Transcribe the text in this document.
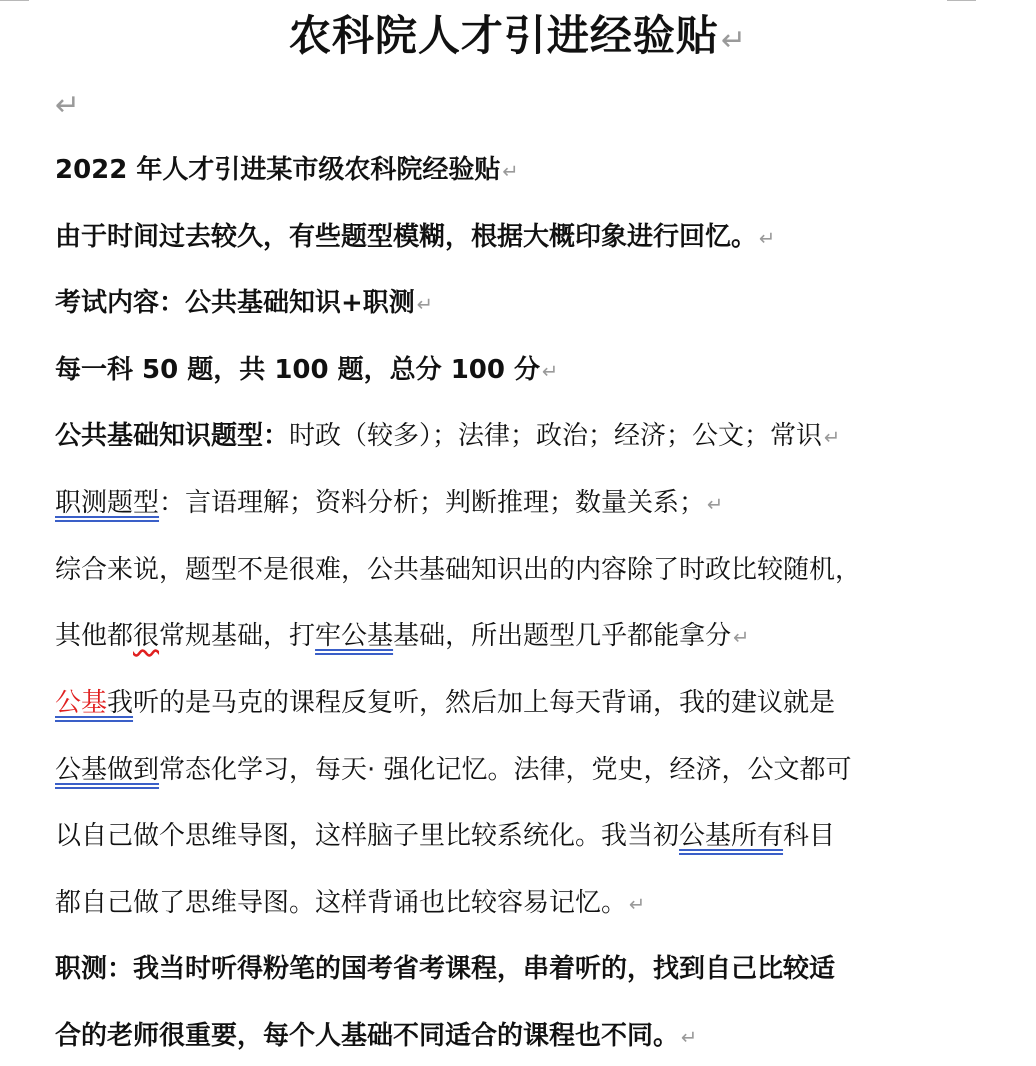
农科院人才引进经验贴↵
↵
2022 年人才引进某市级农科院经验贴 ↵
由于时间过去较久，有些题型模糊，根据大概印象进行回忆。 ↵
考试内容：公共基础知识+职测 ↵
每一科 50 题，共 100 题，总分 100 分 ↵
公共基础知识题型：时政（较多）；法律；政治；经济；公文；常识 ↵
职测题型：言语理解；资料分析；判断推理；数量关系； ↵
综合来说，题型不是很难，公共基础知识出的内容除了时政比较随机，
其他都很常规基础，打牢公基基础，所出题型几乎都能拿分 ↵
公基我听的是马克的课程反复听，然后加上每天背诵，我的建议就是
公基做到常态化学习，每天· 强化记忆。法律，党史，经济，公文都可
以自己做个思维导图，这样脑子里比较系统化。我当初公基所有科目
都自己做了思维导图。这样背诵也比较容易记忆。 ↵
职测：我当时听得粉笔的国考省考课程，串着听的，找到自己比较适
合的老师很重要，每个人基础不同适合的课程也不同。 ↵
